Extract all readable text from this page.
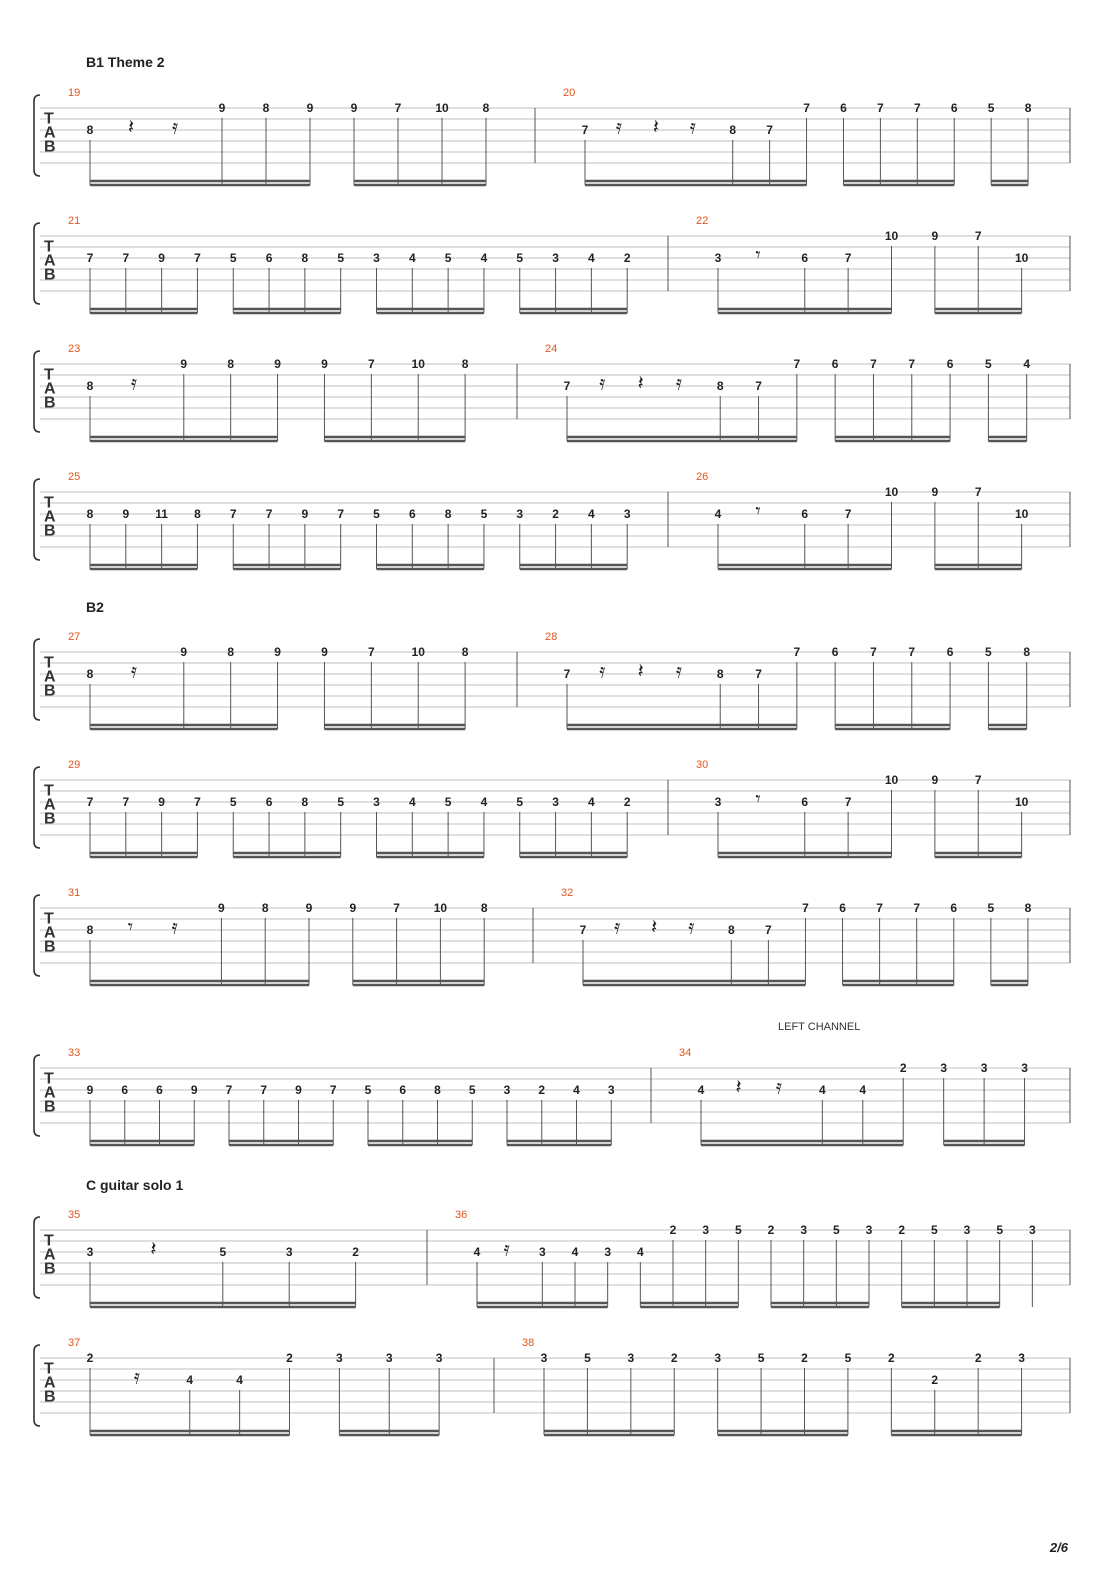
B1 Theme 2
B2
C guitar solo 1
T
A
B
19
𝄽 𝄿
8
9	8	9	9	7	10	8
20
𝄿 𝄽 𝄿
7	8	7
7	6	7	7	6	5	8
T
A
B
21
7 7 9 7 5 6 8 5 3 4 5 4 5 3 4 2
22
𝄾
3	6	7
10	9	7
10
T
A
B
23
𝄿
8
9	8	9	9	7	10	8
24
𝄿 𝄽 𝄿
7	8	7
7	6	7	7	6	5	4
T
A
B
25
8 9 11 8 7 7 9 7 5 6 8 5 3 2 4 3
26
𝄾
4	6	7
10	9	7
10
T
A
B
27
𝄿
8
9	8	9	9	7	10	8
28
𝄿 𝄽 𝄿
7	8	7
7	6	7	7	6	5	8
T
A
B
29
7 7 9 7 5 6 8 5 3 4 5 4 5 3 4 2
30
𝄾
3	6	7
10	9	7
10
T
A
B
31
𝄾 𝄿
8
9	8	9	9	7	10	8
32
𝄿 𝄽 𝄿
7	8	7
7	6	7	7	6	5	8
T
A
B
33
9 6 6 9 7 7 9 7 5 6 8 5 3 2 4 3
34
𝄽 𝄿
4	4	4
2	3	3	3
T
A
B
35
𝄽
3	5	3	2
36
𝄿
4	3 4 3 4
2 3 5 2 3 5 3 2 5 3 5 3
T
A
B
37
𝄿
2
4	4
2	3	3	3
38
3	5	3	2	3	5	2	5	2
2
2	3
LEFT CHANNEL
2/6
